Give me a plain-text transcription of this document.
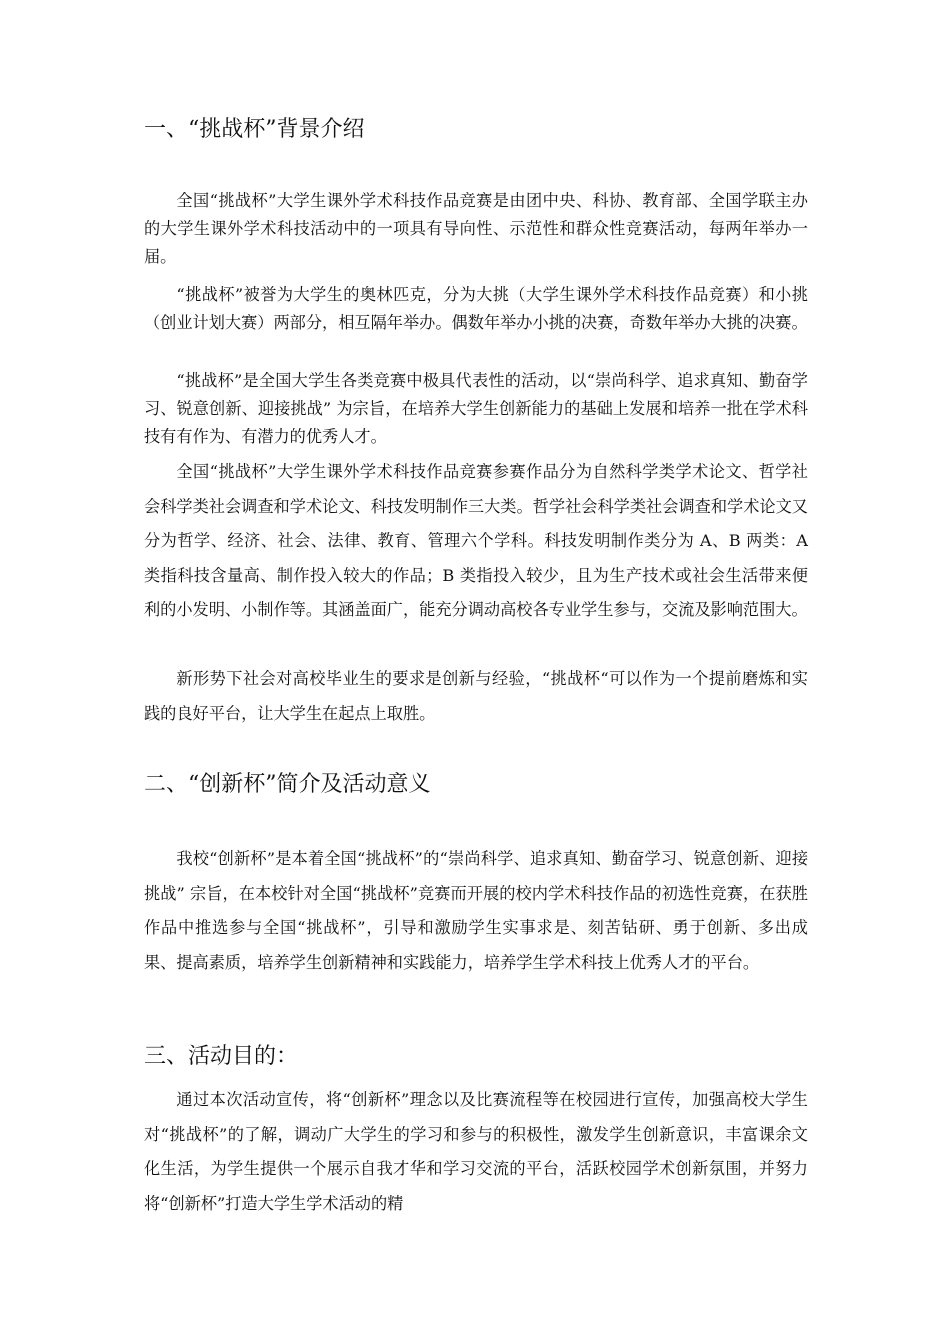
一、“挑战杯”背景介绍

全国“挑战杯”大学生课外学术科技作品竞赛是由团中央、科协、教育部、全国学联主办的大学生课外学术科技活动中的一项具有导向性、示范性和群众性竞赛活动，每两年举办一届。

“挑战杯”被誉为大学生的奥林匹克，分为大挑（大学生课外学术科技作品竞赛）和小挑（创业计划大赛）两部分，相互隔年举办。偶数年举办小挑的决赛，奇数年举办大挑的决赛。

“挑战杯”是全国大学生各类竞赛中极具代表性的活动，以“崇尚科学、追求真知、勤奋学习、锐意创新、迎接挑战” 为宗旨，在培养大学生创新能力的基础上发展和培养一批在学术科技有有作为、有潜力的优秀人才。

全国“挑战杯”大学生课外学术科技作品竞赛参赛作品分为自然科学类学术论文、哲学社会科学类社会调查和学术论文、科技发明制作三大类。哲学社会科学类社会调查和学术论文又分为哲学、经济、社会、法律、教育、管理六个学科。科技发明制作类分为 A、B 两类：A 类指科技含量高、制作投入较大的作品；B 类指投入较少，且为生产技术或社会生活带来便利的小发明、小制作等。其涵盖面广，能充分调动高校各专业学生参与，交流及影响范围大。

新形势下社会对高校毕业生的要求是创新与经验，“挑战杯“可以作为一个提前磨炼和实践的良好平台，让大学生在起点上取胜。

二、“创新杯”简介及活动意义

我校“创新杯”是本着全国“挑战杯”的“崇尚科学、追求真知、勤奋学习、锐意创新、迎接挑战” 宗旨，在本校针对全国“挑战杯”竞赛而开展的校内学术科技作品的初选性竞赛，在获胜作品中推选参与全国“挑战杯”，引导和激励学生实事求是、刻苦钻研、勇于创新、多出成果、提高素质，培养学生创新精神和实践能力，培养学生学术科技上优秀人才的平台。

三、活动目的：

通过本次活动宣传，将“创新杯”理念以及比赛流程等在校园进行宣传，加强高校大学生对“挑战杯”的了解，调动广大学生的学习和参与的积极性，激发学生创新意识，丰富课余文化生活，为学生提供一个展示自我才华和学习交流的平台，活跃校园学术创新氛围，并努力将“创新杯”打造大学生学术活动的精
